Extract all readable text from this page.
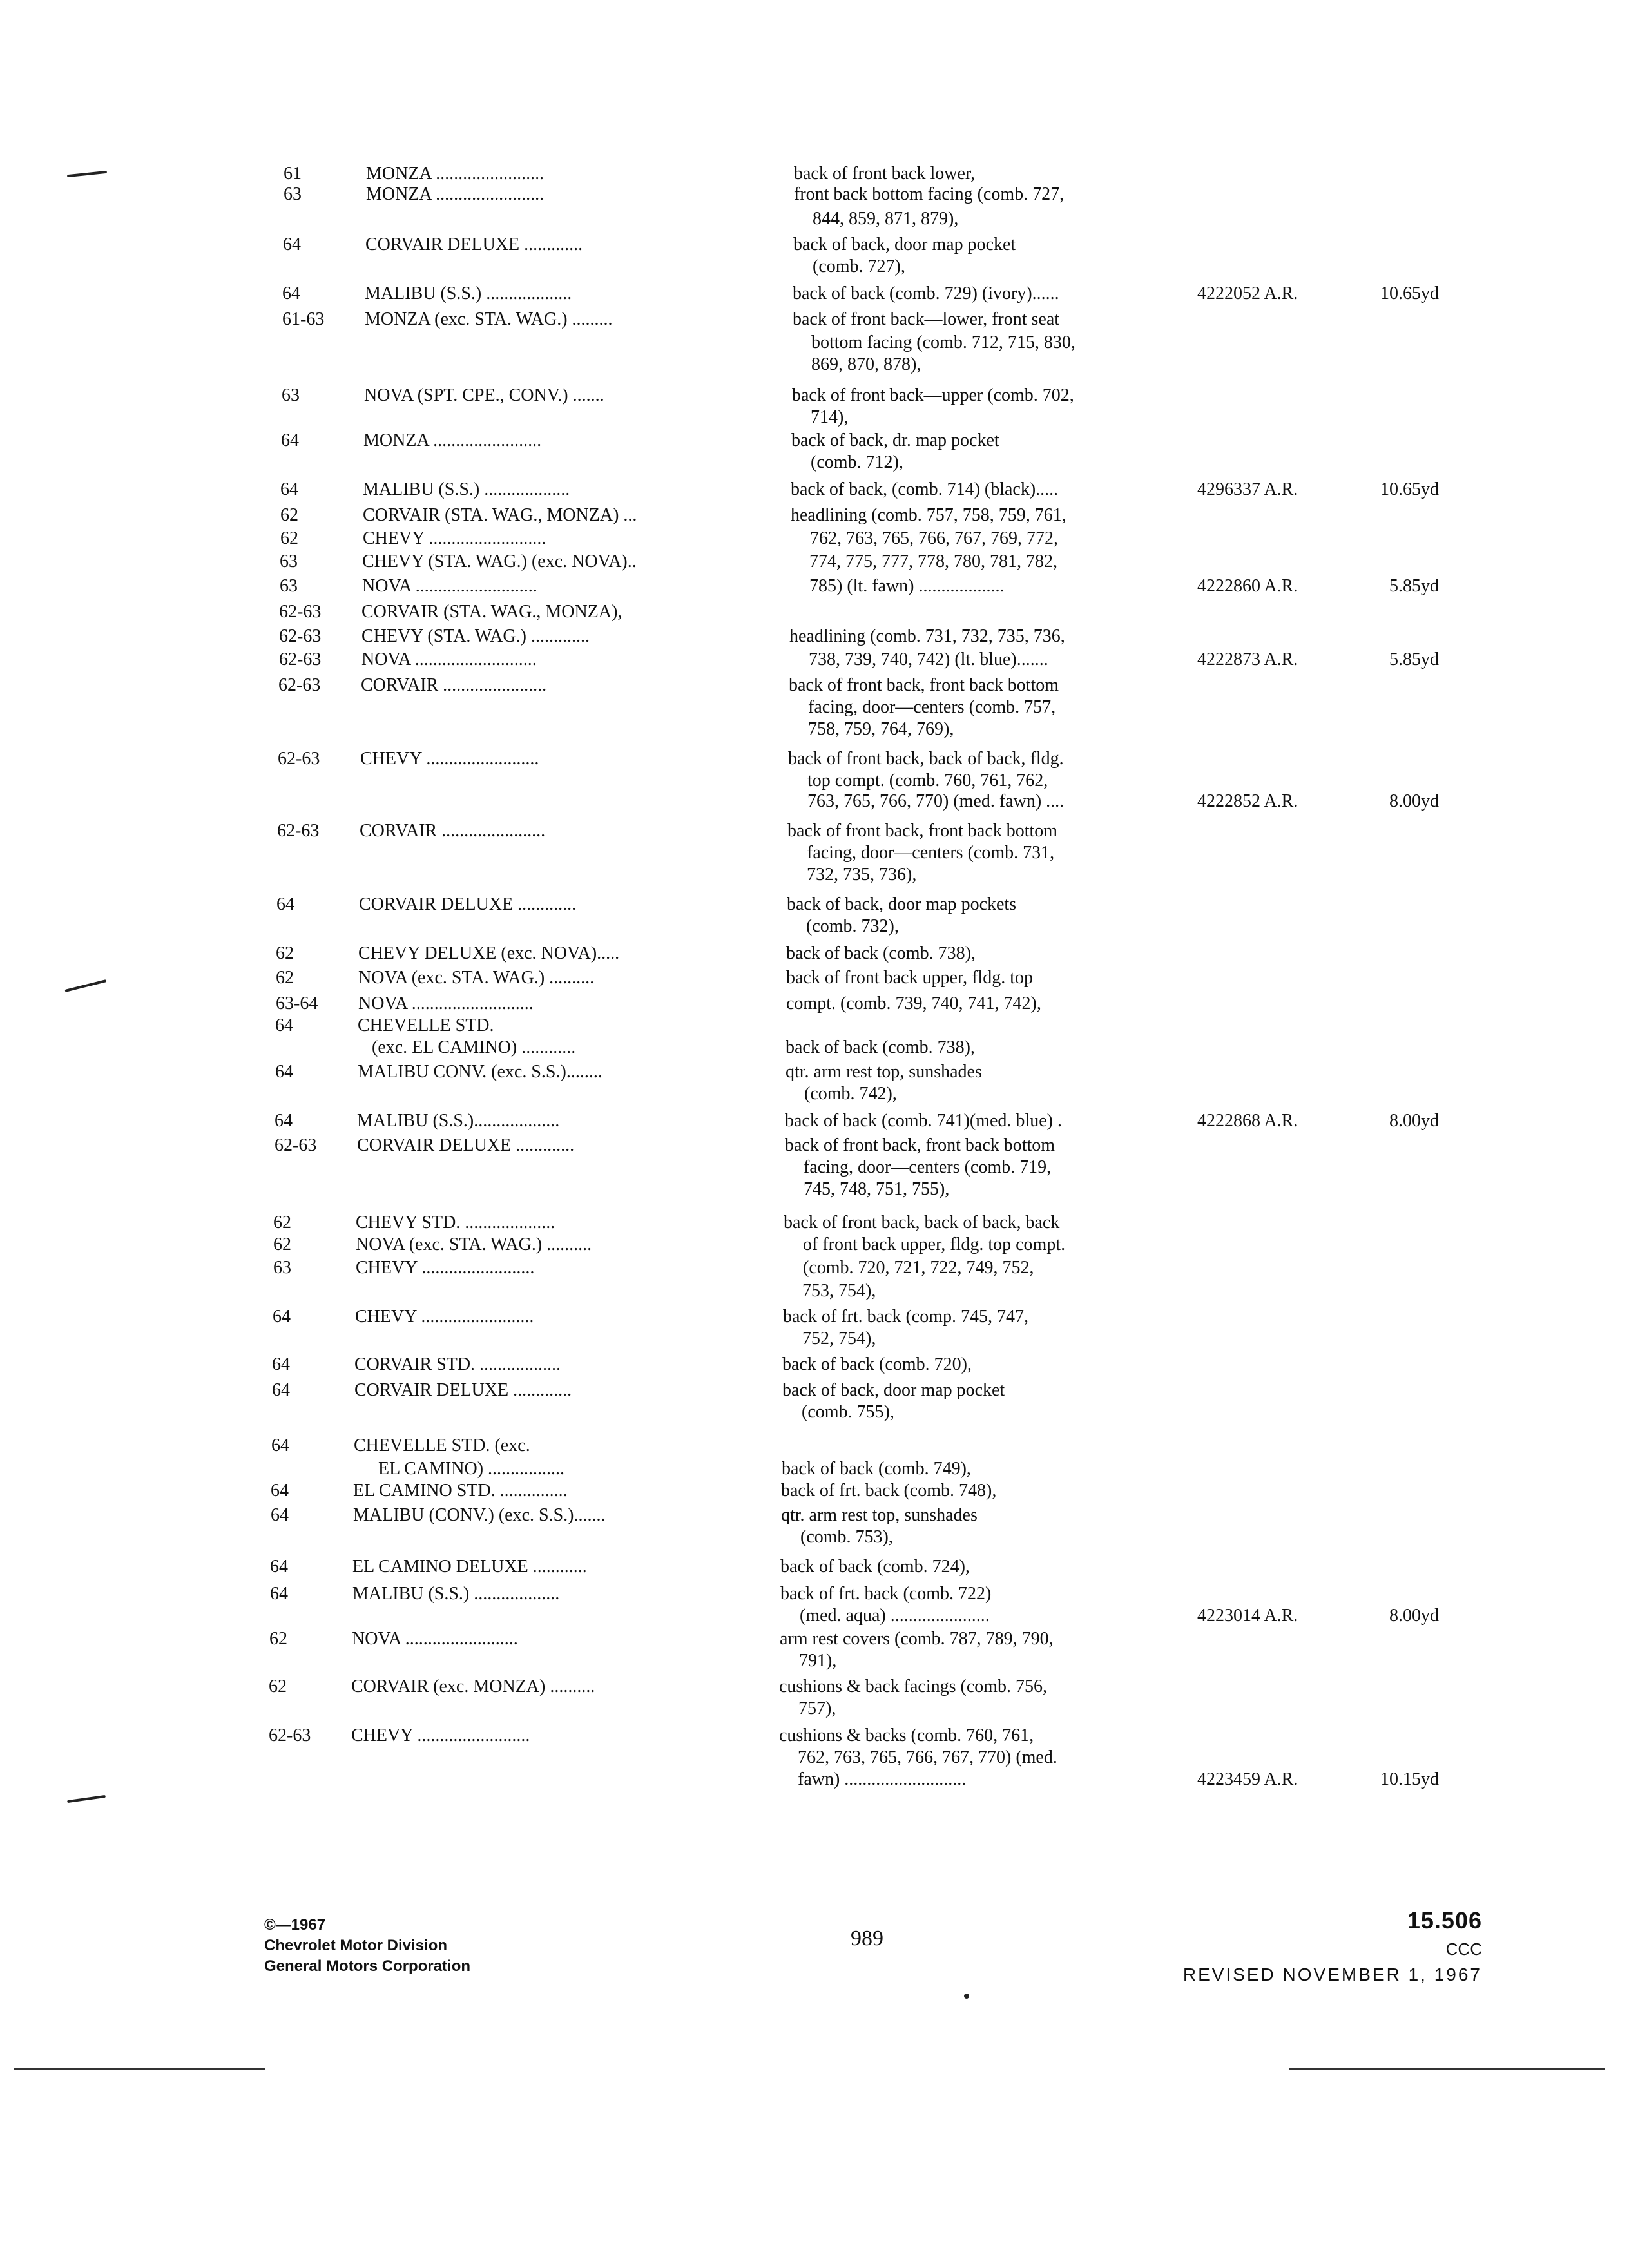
61	MONZA ........................	back of front back lower,
63	MONZA ........................	front back bottom facing (comb. 727,
844, 859, 871, 879),
64	CORVAIR DELUXE .............	back of back, door map pocket
(comb. 727),
64	MALIBU (S.S.) ...................	back of back (comb. 729) (ivory)......	4222052 A.R.	10.65yd
61-63 MONZA (exc. STA. WAG.) .........	back of front back—lower, front seat
bottom facing (comb. 712, 715, 830,
869, 870, 878),
63	NOVA (SPT. CPE., CONV.) .......	back of front back—upper (comb. 702,
714),
64	MONZA ........................	back of back, dr. map pocket
(comb. 712),
64	MALIBU (S.S.) ...................	back of back, (comb. 714) (black).....	4296337 A.R.	10.65yd
62	CORVAIR (STA. WAG., MONZA) ...	headlining (comb. 757, 758, 759, 761,
62	CHEVY ..........................	762, 763, 765, 766, 767, 769, 772,
63	CHEVY (STA. WAG.) (exc. NOVA)..	774, 775, 777, 778, 780, 781, 782,
63	NOVA ...........................	785) (lt. fawn) ...................	4222860 A.R.	5.85yd
62-63 CORVAIR (STA. WAG., MONZA),
62-63 CHEVY (STA. WAG.) .............	headlining (comb. 731, 732, 735, 736,
62-63 NOVA ...........................	738, 739, 740, 742) (lt. blue).......	4222873 A.R.	5.85yd
62-63 CORVAIR .......................	back of front back, front back bottom
facing, door—centers (comb. 757,
758, 759, 764, 769),
62-63 CHEVY .........................	back of front back, back of back, fldg.
top compt. (comb. 760, 761, 762,
763, 765, 766, 770) (med. fawn) ....	4222852 A.R.	8.00yd
62-63 CORVAIR .......................	back of front back, front back bottom
facing, door—centers (comb. 731,
732, 735, 736),
64	CORVAIR DELUXE .............	back of back, door map pockets
(comb. 732),
62	CHEVY DELUXE (exc. NOVA).....	back of back (comb. 738),
62	NOVA (exc. STA. WAG.) ..........	back of front back upper, fldg. top
63-64 NOVA ...........................	compt. (comb. 739, 740, 741, 742),
64	CHEVELLE STD.
(exc. EL CAMINO) ............	back of back (comb. 738),
64	MALIBU CONV. (exc. S.S.)........	qtr. arm rest top, sunshades
(comb. 742),
64	MALIBU (S.S.)...................	back of back (comb. 741)(med. blue) .	4222868 A.R.	8.00yd
62-63 CORVAIR DELUXE .............	back of front back, front back bottom
facing, door—centers (comb. 719,
745, 748, 751, 755),
62	CHEVY STD. ....................	back of front back, back of back, back
62	NOVA (exc. STA. WAG.) ..........	of front back upper, fldg. top compt.
63	CHEVY .........................	(comb. 720, 721, 722, 749, 752,
753, 754),
64	CHEVY .........................	back of frt. back (comp. 745, 747,
752, 754),
64	CORVAIR STD. ..................	back of back (comb. 720),
64	CORVAIR DELUXE .............	back of back, door map pocket
(comb. 755),
64	CHEVELLE STD. (exc.
EL CAMINO) .................	back of back (comb. 749),
64	EL CAMINO STD. ...............	back of frt. back (comb. 748),
64	MALIBU (CONV.) (exc. S.S.).......	qtr. arm rest top, sunshades
(comb. 753),
64	EL CAMINO DELUXE ............	back of back (comb. 724),
64	MALIBU (S.S.) ...................	back of frt. back (comb. 722)
(med. aqua) ......................	4223014 A.R.	8.00yd
62	NOVA .........................	arm rest covers (comb. 787, 789, 790,
791),
62	CORVAIR (exc. MONZA) ..........	cushions & back facings (comb. 756,
757),
62-63 CHEVY .........................	cushions & backs (comb. 760, 761,
762, 763, 765, 766, 767, 770) (med.
fawn) ...........................	4223459 A.R.	10.15yd
©—1967
Chevrolet Motor Division
General Motors Corporation
989
15.506
CCC
REVISED NOVEMBER 1, 1967
